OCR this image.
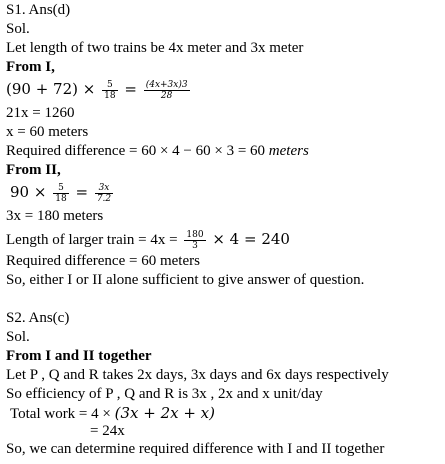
S1. Ans(d)
Sol.
Let length of two trains be 4x meter and 3x meter
From I,
$(90 + 72) \times \frac{5}{18} = \frac{(4x+3x)3}{28}$
21x = 1260
x = 60 meters
Required difference = 60 × 4 − 60 × 3 = 60 meters
From II,
$90 \times \frac{5}{18} = \frac{3x}{7.2}$
3x = 180 meters
Length of larger train = $4x = \frac{180}{3} \times 4 = 240$
Required difference = 60 meters
So, either I or II alone sufficient to give answer of question.
S2. Ans(c)
Sol.
From I and II together
Let P , Q and R takes 2x days, 3x days and 6x days respectively
So efficiency of P , Q and R is 3x , 2x and x unit/day
Total work = 4 × (3x + 2x + x)
= 24x
So, we can determine required difference with I and II together
